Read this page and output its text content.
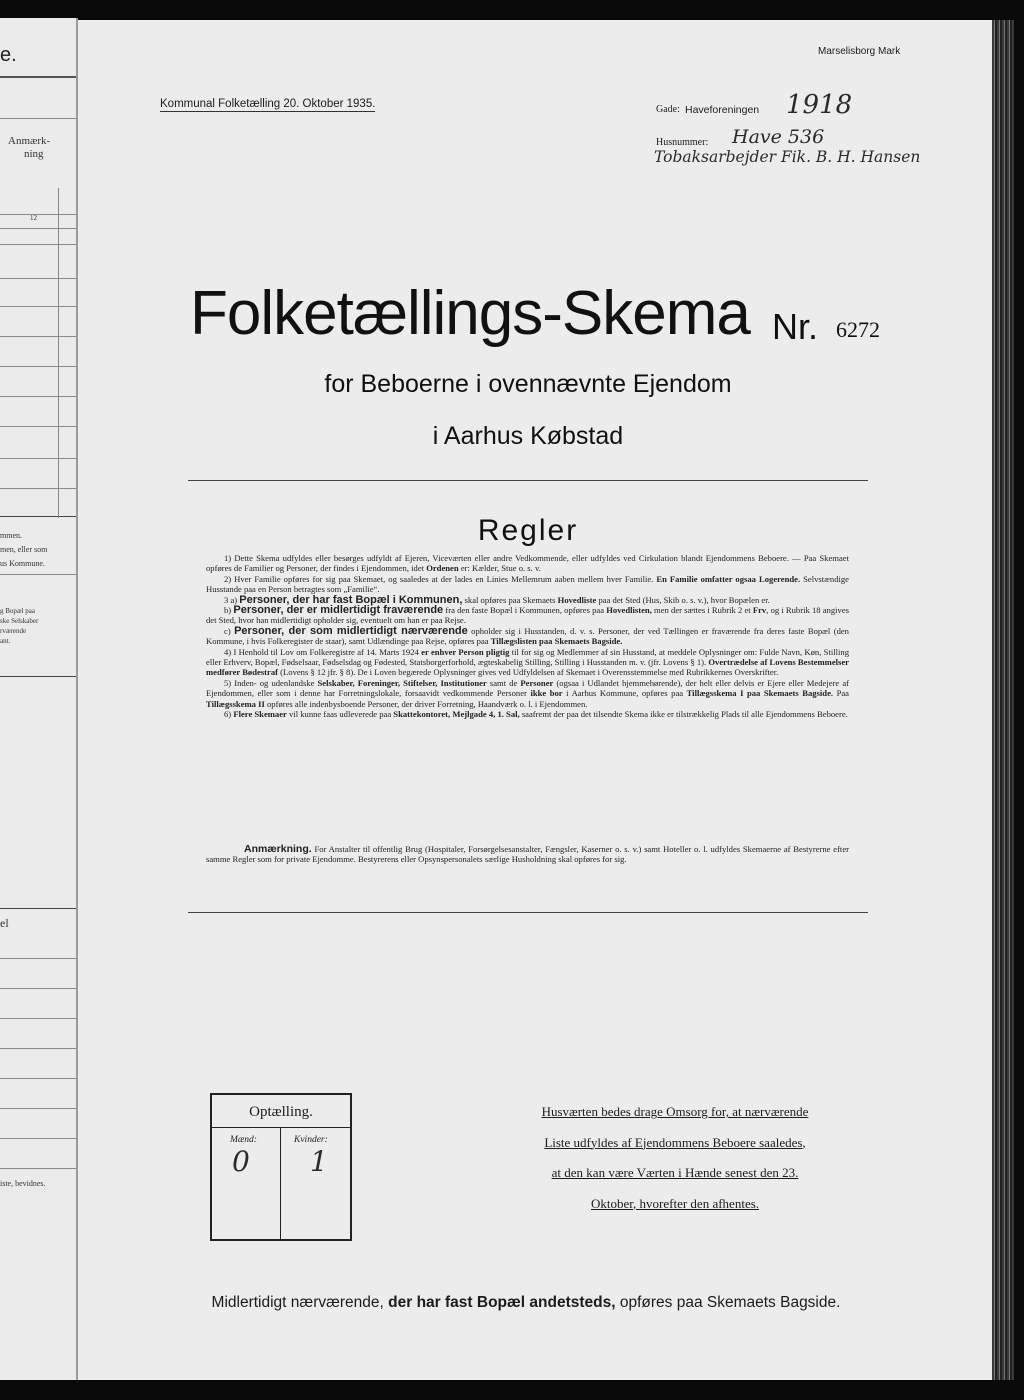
e.
Anmærk-
ning
12
mmen.
men, eller som
us Kommune.
g Bopæl paa
ske Selskaber
rværende
ant.
el
iste, bevidnes.
Marselisborg Mark
Kommunal Folketælling 20. Oktober 1935.	Gade: Haveforeningen 1918
Husnummer: Have 536
Tobaksarbejder Fik. B. H. Hansen
Folketællings-Skema Nr. 6272
for Beboerne i ovennævnte Ejendom
i Aarhus Købstad
Regler

1) Dette Skema udfyldes eller besørges udfyldt af Ejeren, Viceværten eller andre Vedkommende, eller udfyldes ved Cirkulation blandt Ejendommens Beboere. — Paa Skemaet opføres de Familier og Personer, der findes i Ejendommen, idet Ordenen er: Kælder, Stue o. s. v.

2) Hver Familie opføres for sig paa Skemaet, og saaledes at der lades en Linies Mellemrum aaben mellem hver Familie. En Familie omfatter ogsaa Logerende. Selvstændige Husstande paa en Person betragtes som „Familie“.

3 a) Personer, der har fast Bopæl i Kommunen, skal opføres paa Skemaets Hovedliste paa det Sted (Hus, Skib o. s. v.), hvor Bopælen er.

b) Personer, der er midlertidigt fraværende fra den faste Bopæl i Kommunen, opføres paa Hovedlisten, men der sættes i Rubrik 2 et Frv, og i Rubrik 18 angives det Sted, hvor han midlertidigt opholder sig, eventuelt om han er paa Rejse.

c) Personer, der som midlertidigt nærværende opholder sig i Husstanden, d. v. s. Personer, der ved Tællingen er fraværende fra deres faste Bopæl (den Kommune, i hvis Folkeregister de staar), samt Udlændinge paa Rejse, opføres paa Tillægslisten paa Skemaets Bagside.

4) I Henhold til Lov om Folkeregistre af 14. Marts 1924 er enhver Person pligtig til for sig og Medlemmer af sin Husstand, at meddele Oplysninger om: Fulde Navn, Køn, Stilling eller Erhverv, Bopæl, Fødselsaar, Fødselsdag og Fødested, Statsborgerforhold, ægteskabelig Stilling, Stilling i Husstanden m. v. (jfr. Lovens § 1). Overtrædelse af Lovens Bestemmelser medfører Bødestraf (Lovens § 12 jfr. § 8). De i Loven begærede Oplysninger gives ved Udfyldelsen af Skemaet i Overensstemmelse med Rubrikkernes Overskrifter.

5) Inden- og udenlandske Selskaber, Foreninger, Stiftelser, Institutioner samt de Personer (ogsaa i Udlandet hjemmehørende), der helt eller delvis er Ejere eller Medejere af Ejendommen, eller som i denne har Forretningslokale, forsaavidt vedkommende Personer ikke bor i Aarhus Kommune, opføres paa Tillægsskema I paa Skemaets Bagside. Paa Tillægsskema II opføres alle indenbysboende Personer, der driver Forretning, Haandværk o. l. i Ejendommen.

6) Flere Skemaer vil kunne faas udleverede paa Skattekontoret, Mejlgade 4, 1. Sal, saafremt der paa det tilsendte Skema ikke er tilstrækkelig Plads til alle Ejendommens Beboere.

Anmærkning. For Anstalter til offentlig Brug (Hospitaler, Forsørgelsesanstalter, Fængsler, Kaserner o. s. v.) samt Hoteller o. l. udfyldes Skemaerne af Bestyrerne efter samme Regler som for private Ejendomme. Bestyrerens eller Opsynspersonalets særlige Husholdning skal opføres for sig.
Optælling.
Mænd:	Kvinder:
0 1
Husværten bedes drage Omsorg for, at nærværende
Liste udfyldes af Ejendommens Beboere saaledes,
at den kan være Værten i Hænde senest den 23.
Oktober, hvorefter den afhentes.
Midlertidigt nærværende, der har fast Bopæl andetsteds, opføres paa Skemaets Bagside.
